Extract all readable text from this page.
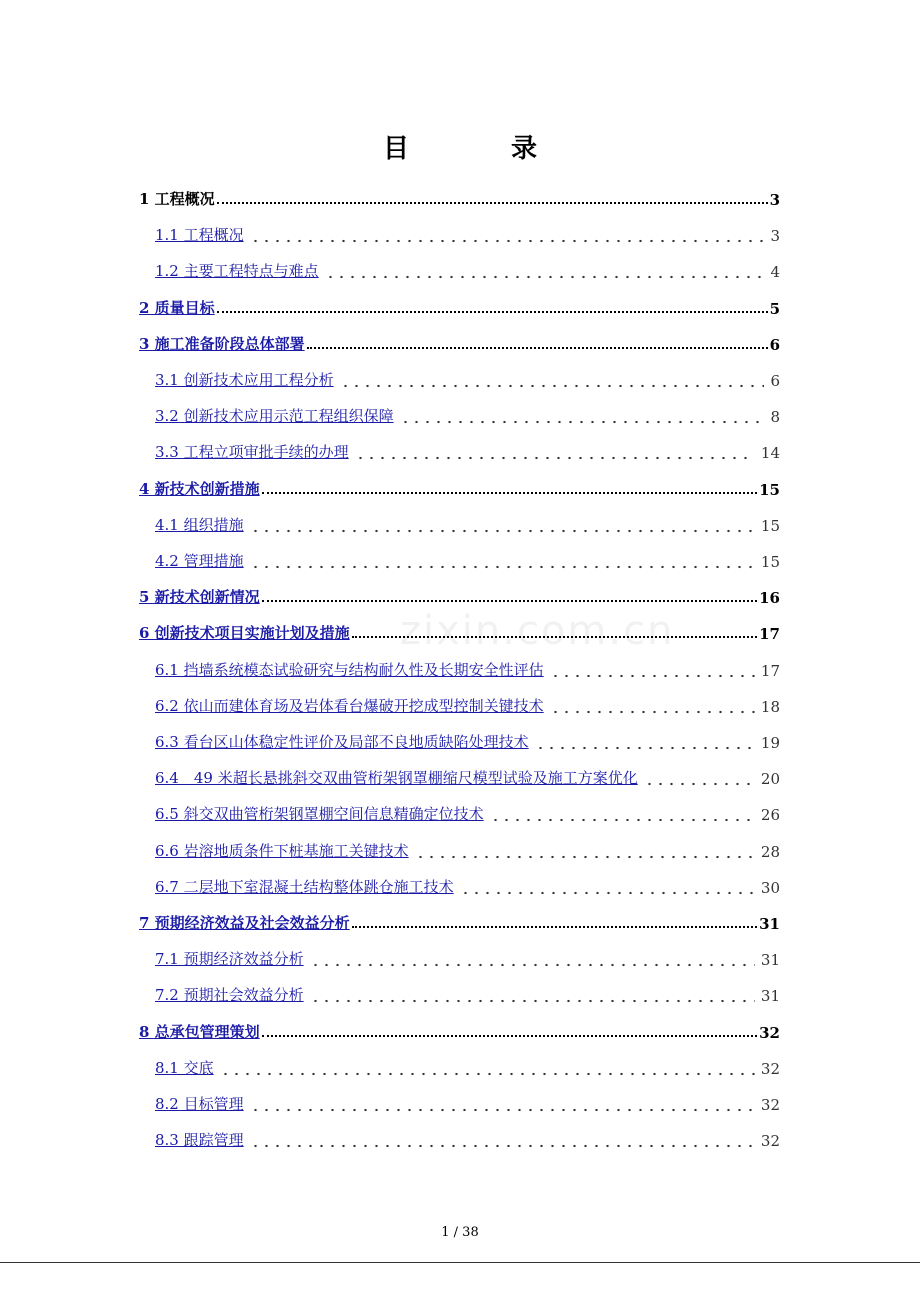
目　录
zixin.com.cn
1 工程概况	3
1.1 工程概况	3
1.2 主要工程特点与难点	4
2 质量目标	5
3 施工准备阶段总体部署	6
3.1 创新技术应用工程分析	6
3.2 创新技术应用示范工程组织保障	8
3.3 工程立项审批手续的办理	14
4 新技术创新措施	15
4.1 组织措施	15
4.2 管理措施	15
5 新技术创新情况	16
6 创新技术项目实施计划及措施	17
6.1 挡墙系统模态试验研究与结构耐久性及长期安全性评估	17
6.2 依山而建体育场及岩体看台爆破开挖成型控制关键技术	18
6.3 看台区山体稳定性评价及局部不良地质缺陷处理技术	19
6.4　49 米超长悬挑斜交双曲管桁架钢罩棚缩尺模型试验及施工方案优化	20
6.5 斜交双曲管桁架钢罩棚空间信息精确定位技术	26
6.6 岩溶地质条件下桩基施工关键技术	28
6.7 二层地下室混凝土结构整体跳仓施工技术	30
7 预期经济效益及社会效益分析	31
7.1 预期经济效益分析	31
7.2 预期社会效益分析	31
8 总承包管理策划	32
8.1 交底	32
8.2 目标管理	32
8.3 跟踪管理	32
1 / 38
